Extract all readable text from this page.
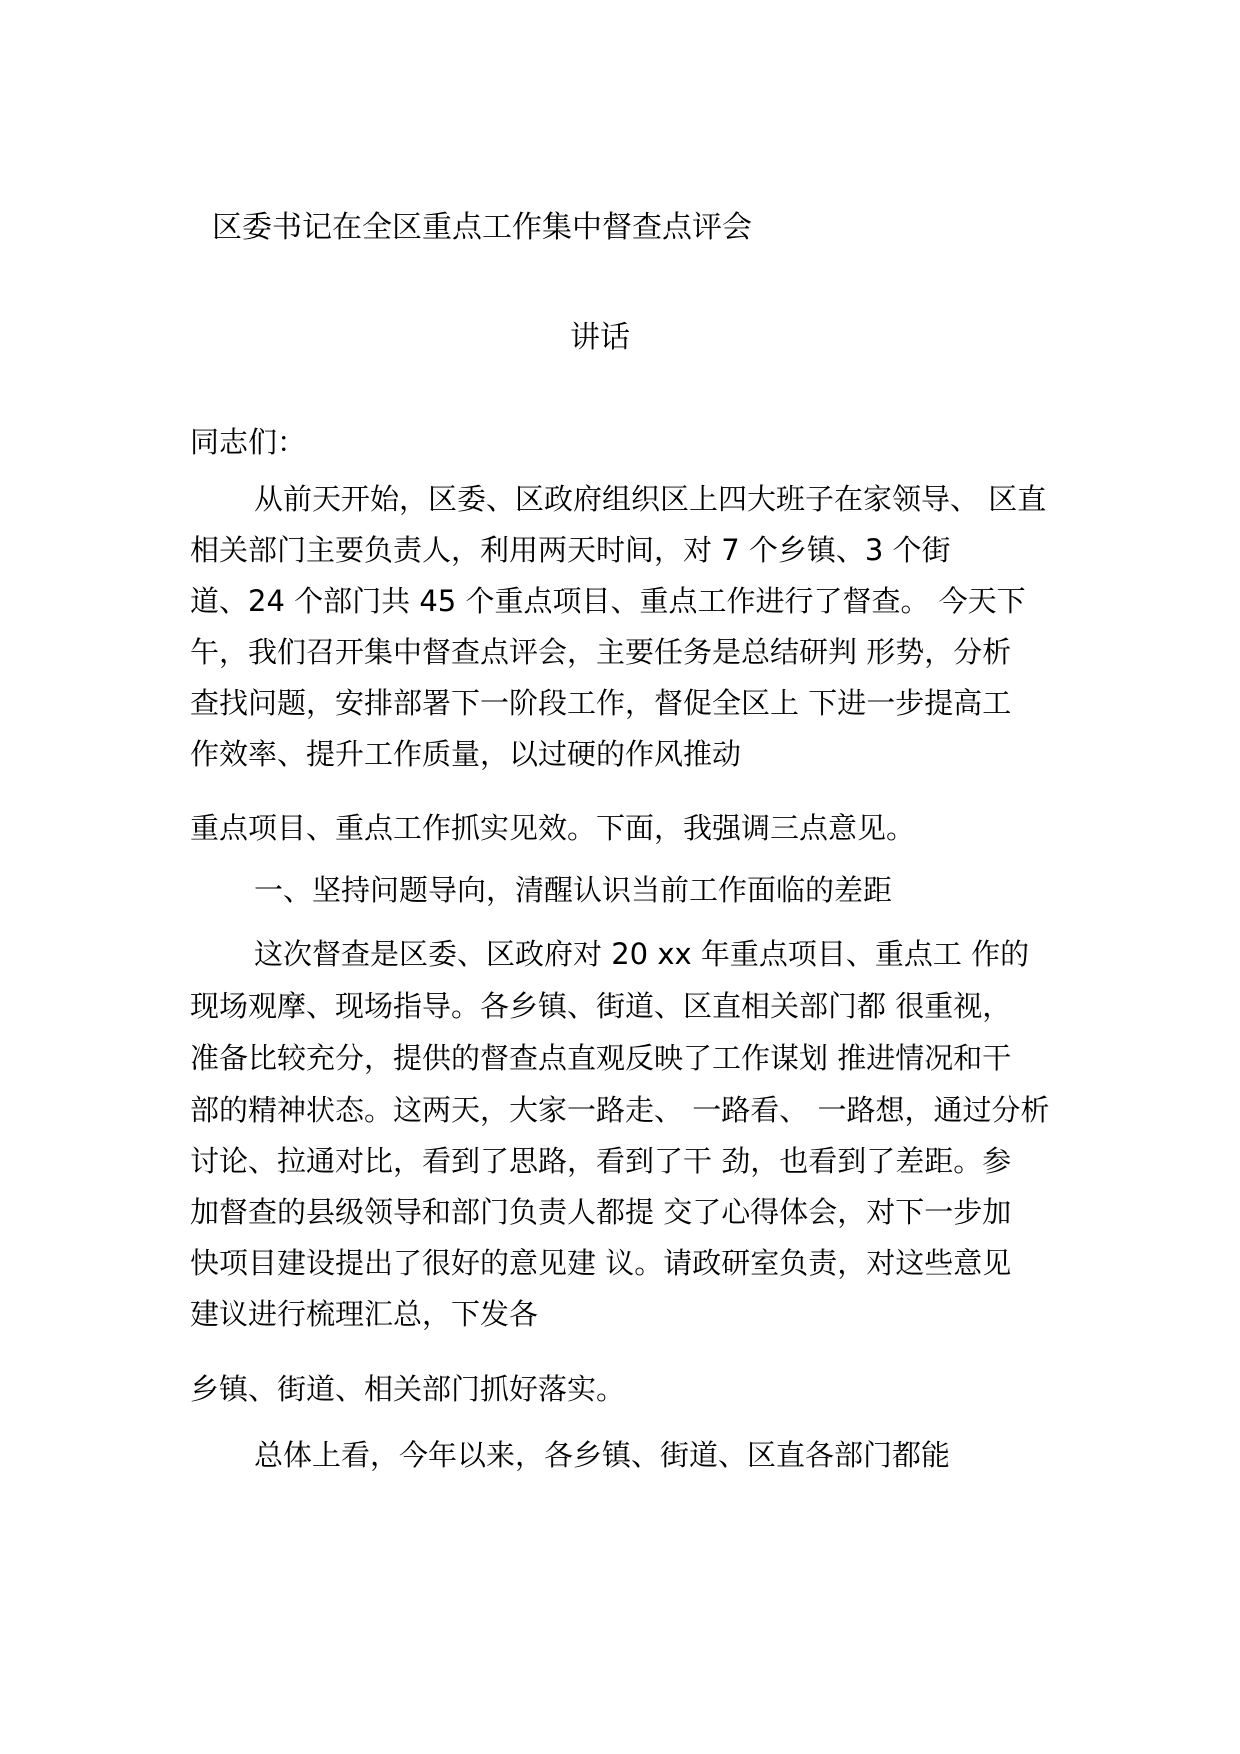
区委书记在全区重点工作集中督查点评会
讲话
同志们：
从前天开始，区委、区政府组织区上四大班子在家领导、 区直
相关部门主要负责人，利用两天时间，对 7 个乡镇、3 个街
道、24 个部门共 45 个重点项目、重点工作进行了督查。 今天下
午，我们召开集中督查点评会，主要任务是总结研判 形势，分析
查找问题，安排部署下一阶段工作，督促全区上 下进一步提高工
作效率、提升工作质量，以过硬的作风推动
重点项目、重点工作抓实见效。下面，我强调三点意见。
一、坚持问题导向，清醒认识当前工作面临的差距
这次督查是区委、区政府对 20 xx 年重点项目、重点工 作的
现场观摩、现场指导。各乡镇、街道、区直相关部门都 很重视，
准备比较充分，提供的督查点直观反映了工作谋划 推进情况和干
部的精神状态。这两天，大家一路走、 一路看、 一路想，通过分析
讨论、拉通对比，看到了思路，看到了干 劲，也看到了差距。参
加督查的县级领导和部门负责人都提 交了心得体会，对下一步加
快项目建设提出了很好的意见建 议。请政研室负责，对这些意见
建议进行梳理汇总，下发各
乡镇、街道、相关部门抓好落实。
总体上看，今年以来，各乡镇、街道、区直各部门都能
